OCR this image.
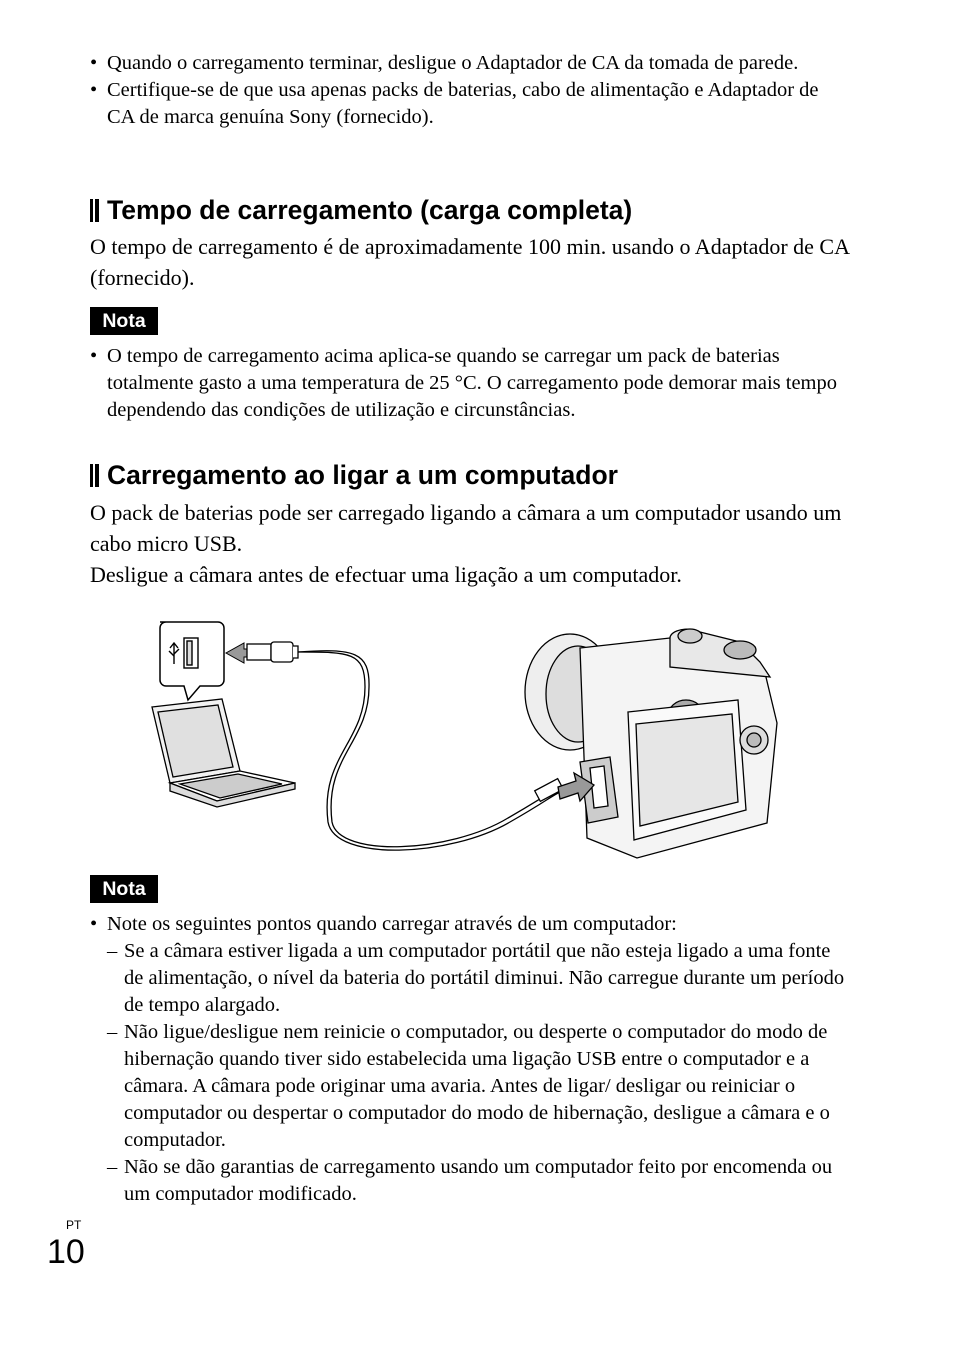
• Quando o carregamento terminar, desligue o Adaptador de CA da tomada de parede.
• Certifique-se de que usa apenas packs de baterias, cabo de alimentação e Adaptador de CA de marca genuína Sony (fornecido).
Tempo de carregamento (carga completa)

O tempo de carregamento é de aproximadamente 100 min. usando o Adaptador de CA (fornecido).

Nota
• O tempo de carregamento acima aplica-se quando se carregar um pack de baterias totalmente gasto a uma temperatura de 25 °C. O carregamento pode demorar mais tempo dependendo das condições de utilização e circunstâncias.
Carregamento ao ligar a um computador

O pack de baterias pode ser carregado ligando a câmara a um computador usando um cabo micro USB.

Desligue a câmara antes de efectuar uma ligação a um computador.

Nota
• Note os seguintes pontos quando carregar através de um computador:
– Se a câmara estiver ligada a um computador portátil que não esteja ligado a uma fonte de alimentação, o nível da bateria do portátil diminui. Não carregue durante um período de tempo alargado.
– Não ligue/desligue nem reinicie o computador, ou desperte o computador do modo de hibernação quando tiver sido estabelecida uma ligação USB entre o computador e a câmara. A câmara pode originar uma avaria. Antes de ligar/ desligar ou reiniciar o computador ou despertar o computador do modo de hibernação, desligue a câmara e o computador.
– Não se dão garantias de carregamento usando um computador feito por encomenda ou um computador modificado.
PT
10
